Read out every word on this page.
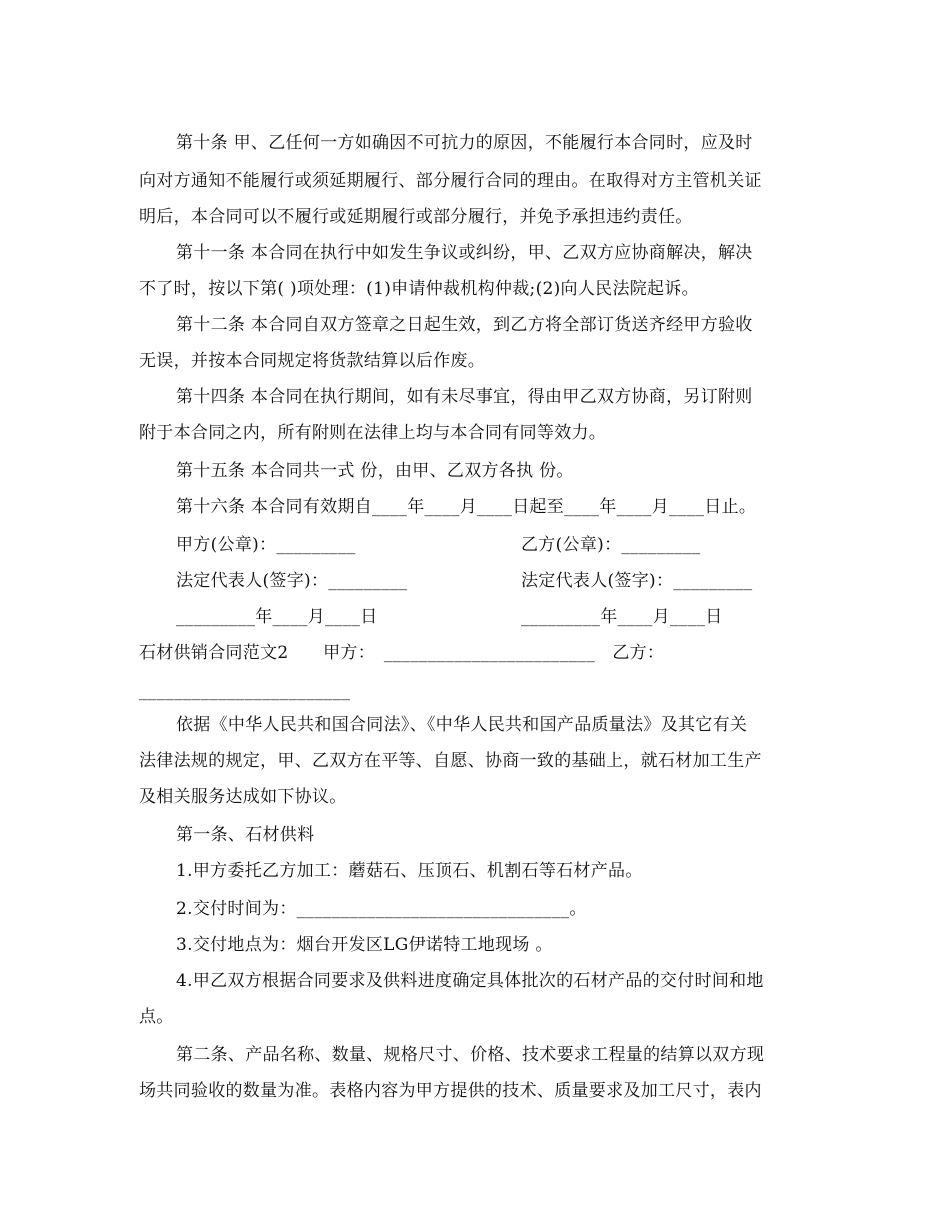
第十条 甲、乙任何一方如确因不可抗力的原因，不能履行本合同时，应及时
向对方通知不能履行或须延期履行、部分履行合同的理由。在取得对方主管机关证
明后，本合同可以不履行或延期履行或部分履行，并免予承担违约责任。
第十一条 本合同在执行中如发生争议或纠纷，甲、乙双方应协商解决，解决
不了时，按以下第( )项处理：(1)申请仲裁机构仲裁;(2)向人民法院起诉。
第十二条 本合同自双方签章之日起生效，到乙方将全部订货送齐经甲方验收
无误，并按本合同规定将货款结算以后作废。
第十四条 本合同在执行期间，如有未尽事宜，得由甲乙双方协商，另订附则
附于本合同之内，所有附则在法律上均与本合同有同等效力。
第十五条 本合同共一式 份，由甲、乙双方各执 份。
第十六条 本合同有效期自____年____月____日起至____年____月____日止。
甲方(公章)：_________	乙方(公章)：_________
法定代表人(签字)：_________	法定代表人(签字)：_________
_________年____月____日	_________年____月____日
石材供销合同范文2　　甲方：　________________________　乙方：
________________________
依据《中华人民共和国合同法》、《中华人民共和国产品质量法》及其它有关
法律法规的规定，甲、乙双方在平等、自愿、协商一致的基础上，就石材加工生产
及相关服务达成如下协议。
第一条、石材供料
1.甲方委托乙方加工：蘑菇石、压顶石、机割石等石材产品。
2.交付时间为：_______________________________。
3.交付地点为：烟台开发区LG伊诺特工地现场 。
4.甲乙双方根据合同要求及供料进度确定具体批次的石材产品的交付时间和地
点。
第二条、产品名称、数量、规格尺寸、价格、技术要求工程量的结算以双方现
场共同验收的数量为准。表格内容为甲方提供的技术、质量要求及加工尺寸，表内
